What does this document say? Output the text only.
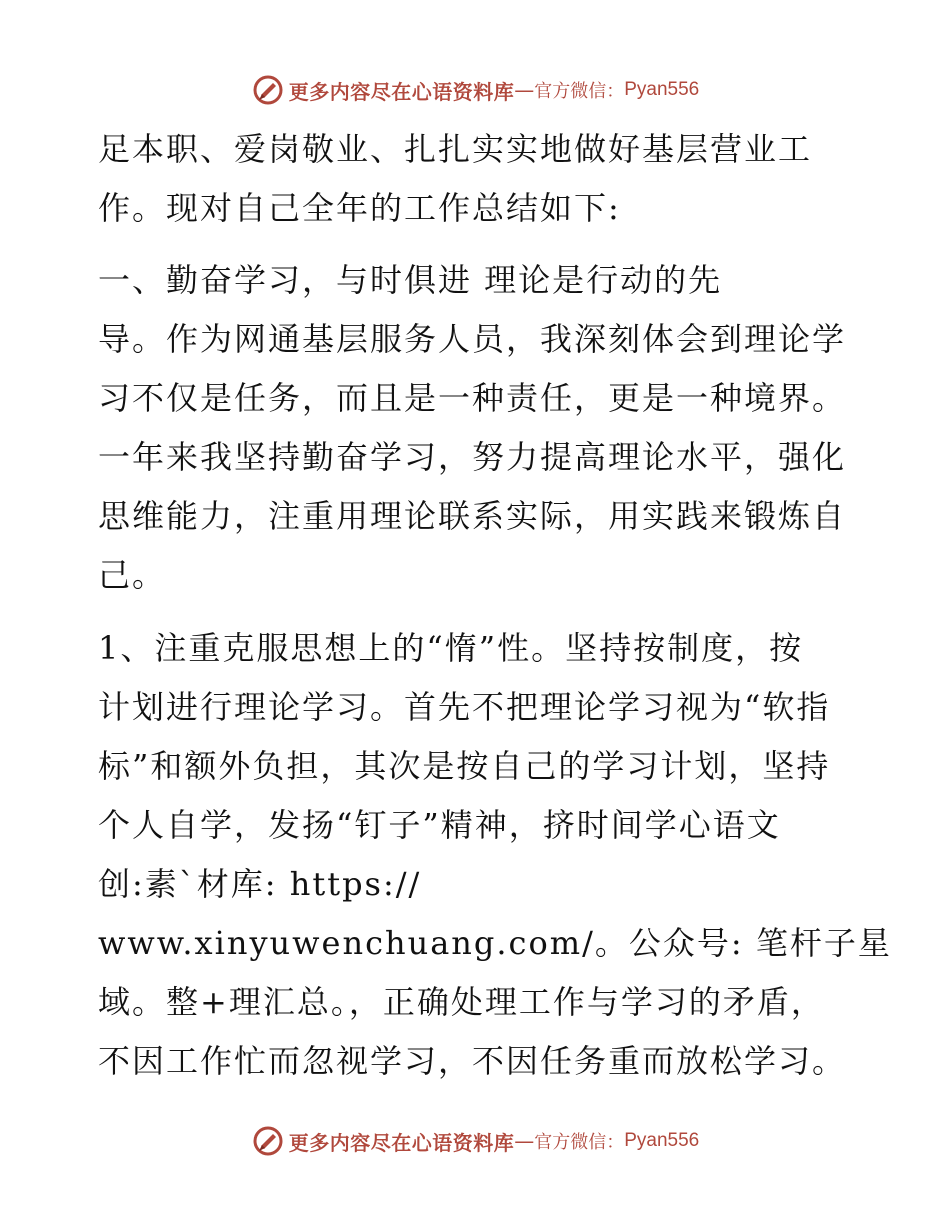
更多内容尽在心语资料库 — 官方微信： Pyan556
足本职、爱岗敬业、扎扎实实地做好基层营业工
作。现对自己全年的工作总结如下:
一、勤奋学习，与时俱进 理论是行动的先
导。作为网通基层服务人员，我深刻体会到理论学
习不仅是任务，而且是一种责任，更是一种境界。
一年来我坚持勤奋学习，努力提高理论水平，强化
思维能力，注重用理论联系实际，用实践来锻炼自
己。
1、注重克服思想上的“惰”性。坚持按制度，按
计划进行理论学习。首先不把理论学习视为“软指
标”和额外负担，其次是按自己的学习计划，坚持
个人自学，发扬“钉子”精神，挤时间学心语文
创:素`材库: https://
www.xinyuwenchuang.com/。公众号: 笔杆子星
域。整+理汇总。，正确处理工作与学习的矛盾，
不因工作忙而忽视学习，不因任务重而放松学习。
更多内容尽在心语资料库 — 官方微信： Pyan556
